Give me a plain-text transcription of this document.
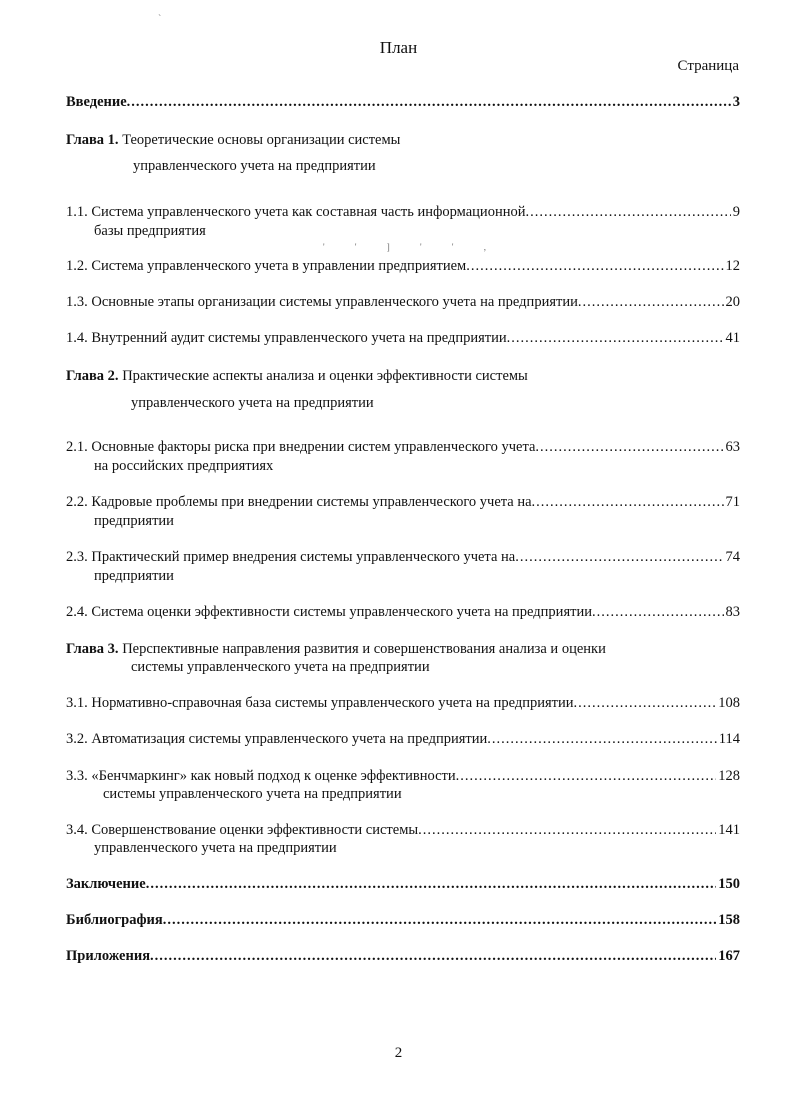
`
План
Страница
Введение .....	3
Глава 1. Теоретические основы организации системы
управленческого учета на предприятии
1.1. Система управленческого учета как составная часть информационной .....	9
базы предприятия
' ' ] ' ' ,
1.2. Система управленческого учета в управлении предприятием .....	12
1.3. Основные этапы организации системы управленческого учета на предприятии .....	20
1.4. Внутренний аудит системы управленческого учета на предприятии .....	41
Глава 2. Практические аспекты анализа и оценки эффективности системы
управленческого учета на предприятии
2.1. Основные факторы риска при внедрении систем управленческого учета .....	63
на российских предприятиях
2.2. Кадровые проблемы при внедрении системы управленческого учета на .....	71
предприятии
2.3. Практический пример внедрения системы управленческого учета на .....	74
предприятии
2.4. Система оценки эффективности системы управленческого учета на предприятии .....	83
Глава 3. Перспективные направления развития и совершенствования анализа и оценки
системы управленческого учета на предприятии
3.1. Нормативно-справочная база системы управленческого учета на предприятии .....	108
3.2. Автоматизация системы управленческого учета на предприятии .....	114
3.3. «Бенчмаркинг» как новый подход к оценке эффективности .....	128
системы управленческого учета на предприятии
3.4. Совершенствование оценки эффективности системы .....	141
управленческого учета на предприятии
Заключение .....	150
Библиография .....	158
Приложения .....	167
2
